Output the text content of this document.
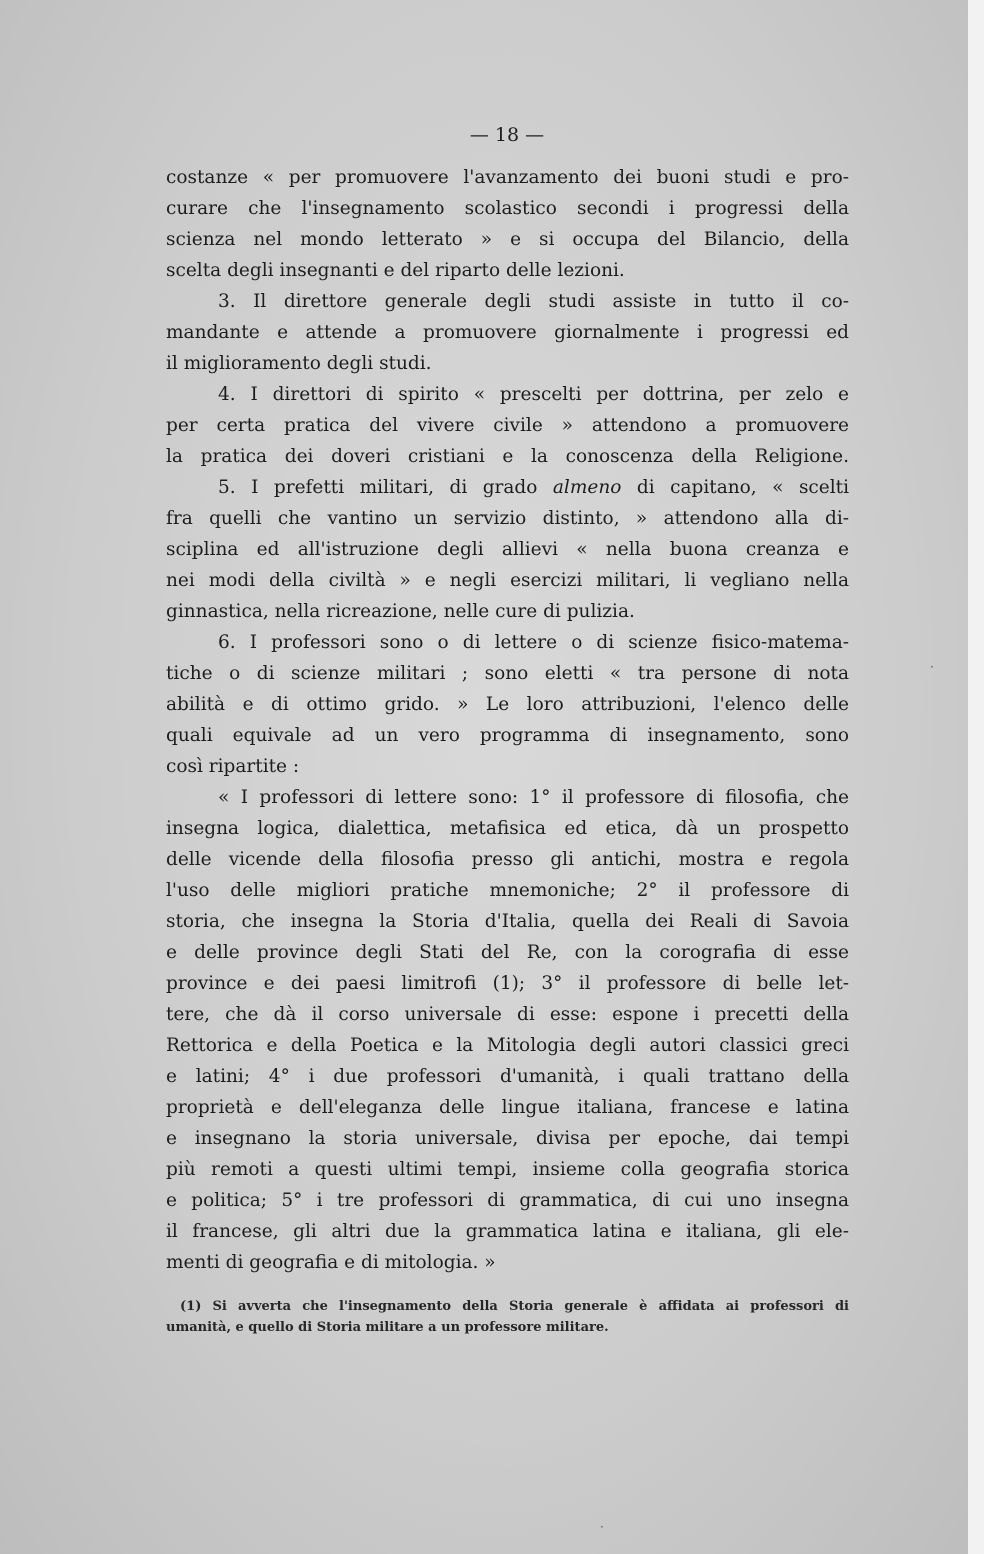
— 18 —
costanze « per promuovere l'avanzamento dei buoni studi e pro-
curare che l'insegnamento scolastico secondi i progressi della
scienza nel mondo letterato » e si occupa del Bilancio, della
scelta degli insegnanti e del riparto delle lezioni.
3. Il direttore generale degli studi assiste in tutto il co-
mandante e attende a promuovere giornalmente i progressi ed
il miglioramento degli studi.
4. I direttori di spirito « prescelti per dottrina, per zelo e
per certa pratica del vivere civile » attendono a promuovere
la pratica dei doveri cristiani e la conoscenza della Religione.
5. I prefetti militari, di grado almeno di capitano, « scelti
fra quelli che vantino un servizio distinto, » attendono alla di-
sciplina ed all'istruzione degli allievi « nella buona creanza e
nei modi della civiltà » e negli esercizi militari, li vegliano nella
ginnastica, nella ricreazione, nelle cure di pulizia.
6. I professori sono o di lettere o di scienze fisico-matema-
tiche o di scienze militari ; sono eletti « tra persone di nota
abilità e di ottimo grido. » Le loro attribuzioni, l'elenco delle
quali equivale ad un vero programma di insegnamento, sono
così ripartite :
« I professori di lettere sono: 1° il professore di filosofia, che
insegna logica, dialettica, metafisica ed etica, dà un prospetto
delle vicende della filosofia presso gli antichi, mostra e regola
l'uso delle migliori pratiche mnemoniche; 2° il professore di
storia, che insegna la Storia d'Italia, quella dei Reali di Savoia
e delle province degli Stati del Re, con la corografia di esse
province e dei paesi limitrofi (1); 3° il professore di belle let-
tere, che dà il corso universale di esse: espone i precetti della
Rettorica e della Poetica e la Mitologia degli autori classici greci
e latini; 4° i due professori d'umanità, i quali trattano della
proprietà e dell'eleganza delle lingue italiana, francese e latina
e insegnano la storia universale, divisa per epoche, dai tempi
più remoti a questi ultimi tempi, insieme colla geografia storica
e politica; 5° i tre professori di grammatica, di cui uno insegna
il francese, gli altri due la grammatica latina e italiana, gli ele-
menti di geografia e di mitologia. »
(1) Si avverta che l'insegnamento della Storia generale è affidata ai professori di
umanità, e quello di Storia militare a un professore militare.
·
·
